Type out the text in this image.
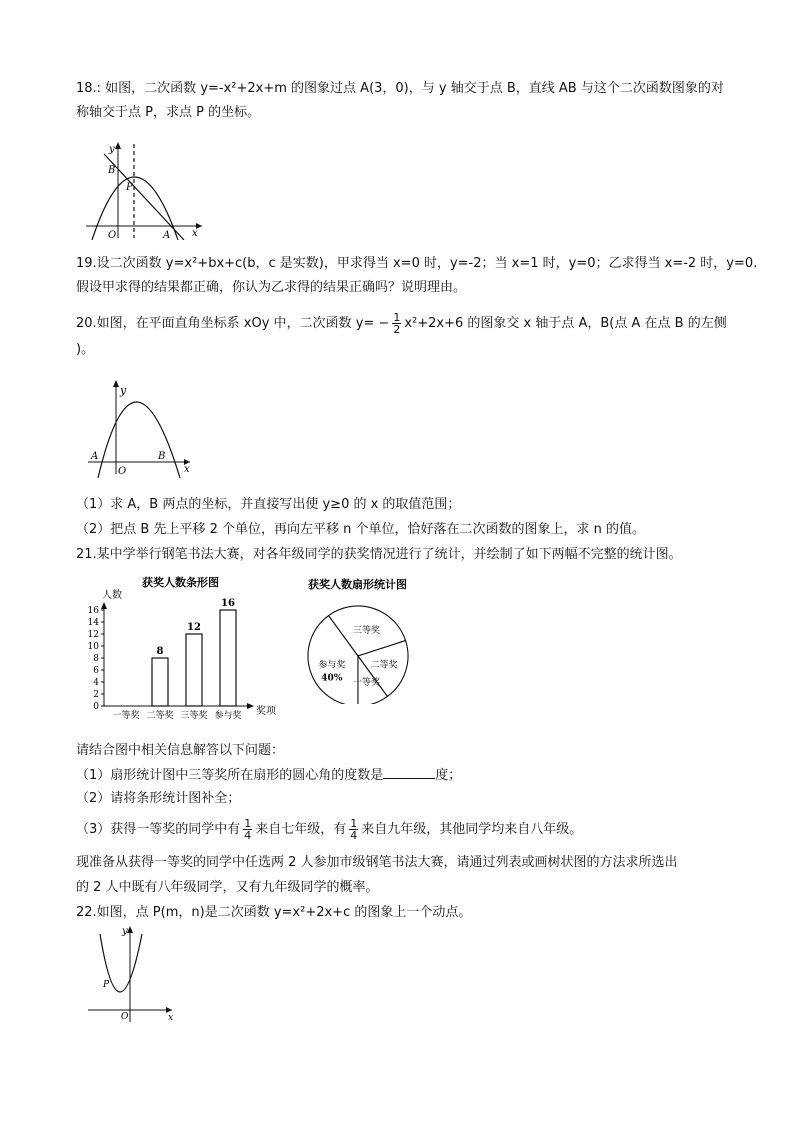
18.: 如图，二次函数 y=-x²+2x+m 的图象过点 A(3，0)，与 y 轴交于点 B，直线 AB 与这个二次函数图象的对
称轴交于点 P，求点 P 的坐标。
y
x
O	A
B
P
19.设二次函数 y=x²+bx+c(b，c 是实数)，甲求得当 x=0 时，y=-2；当 x=1 时，y=0；乙求得当 x=-2 时，y=0.
假设甲求得的结果都正确，你认为乙求得的结果正确吗？说明理由。
20.如图，在平面直角坐标系 xOy 中，二次函数 $y= - \frac{1}{2} x^2+2x+6$ 的图象交 x 轴于点 A，B(点 A 在点 B 的左侧
)。
y
x
O
A	B
（1）求 A，B 两点的坐标，并直接写出使 y≥0 的 x 的取值范围；
（2）把点 B 先上平移 2 个单位，再向左平移 n 个单位，恰好落在二次函数的图象上，求 n 的值。
21.某中学举行钢笔书法大赛，对各年级同学的获奖情况进行了统计，并绘制了如下两幅不完整的统计图。
获奖人数条形图
人数
奖项
0
2
4
6
8
10
12
14
16
8
12
16
一等奖 二等奖 三等奖 参与奖
获奖人数扇形统计图
参与奖
40%
三等奖
二等奖
一等奖
请结合图中相关信息解答以下问题：
（1）扇形统计图中三等奖所在扇形的圆心角的度数是	度；
（2）请将条形统计图补全；
（3）获得一等奖的同学中有 $\frac{1}{4}$ 来自七年级，有 $\frac{1}{4}$ 来自九年级，其他同学均来自八年级。
现准备从获得一等奖的同学中任选两 2 人参加市级钢笔书法大赛，请通过列表或画树状图的方法求所选出
的 2 人中既有八年级同学，又有九年级同学的概率。
22.如图，点 P(m，n)是二次函数 y=x²+2x+c 的图象上一个动点。
y
x
O
P
